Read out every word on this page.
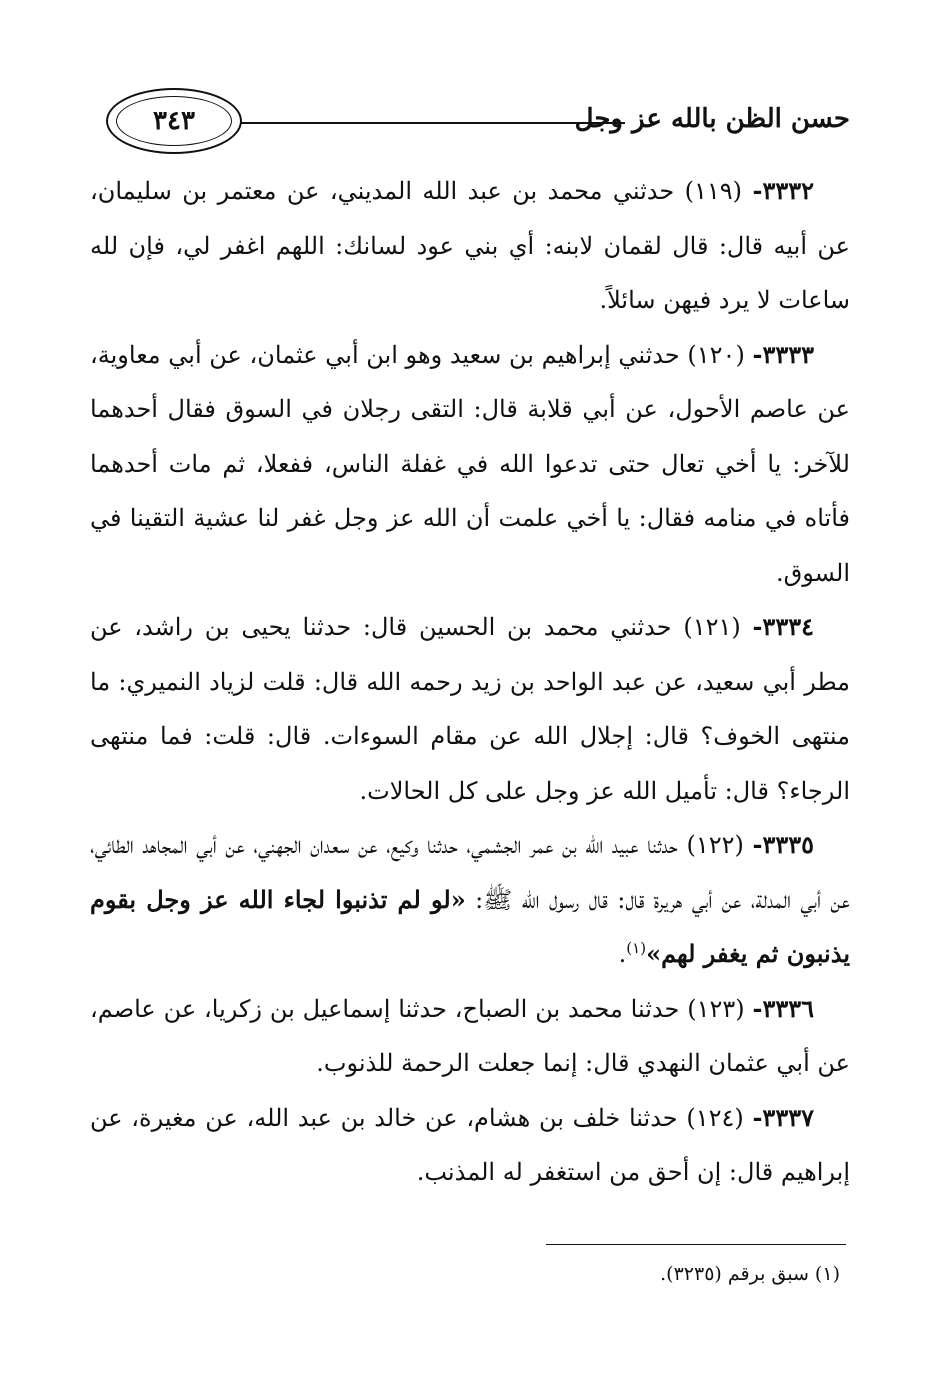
حسن الظن بالله عز وجل
٣٤٣

٣٣٣٢- (١١٩) حدثني محمد بن عبد الله المديني، عن معتمر بن سليمان، عن أبيه قال: قال لقمان لابنه: أي بني عود لسانك: اللهم اغفر لي، فإن لله ساعات لا يرد فيهن سائلاً.

٣٣٣٣- (١٢٠) حدثني إبراهيم بن سعيد وهو ابن أبي عثمان، عن أبي معاوية، عن عاصم الأحول، عن أبي قلابة قال: التقى رجلان في السوق فقال أحدهما للآخر: يا أخي تعال حتى تدعوا الله في غفلة الناس، ففعلا، ثم مات أحدهما فأتاه في منامه فقال: يا أخي علمت أن الله عز وجل غفر لنا عشية التقينا في السوق.

٣٣٣٤- (١٢١) حدثني محمد بن الحسين قال: حدثنا يحيى بن راشد، عن مطر أبي سعيد، عن عبد الواحد بن زيد رحمه الله قال: قلت لزياد النميري: ما منتهى الخوف؟ قال: إجلال الله عن مقام السوءات. قال: قلت: فما منتهى الرجاء؟ قال: تأميل الله عز وجل على كل الحالات.

٣٣٣٥- (١٢٢) حدثنا عبيد الله بن عمر الجشمي، حدثنا وكيع، عن سعدان الجهني، عن أبي المجاهد الطائي، عن أبي المدلة، عن أبي هريرة قال: قال رسول الله ﷺ: «لو لم تذنبوا لجاء الله عز وجل بقوم يذنبون ثم يغفر لهم»$^{(١)}$.

٣٣٣٦- (١٢٣) حدثنا محمد بن الصباح، حدثنا إسماعيل بن زكريا، عن عاصم، عن أبي عثمان النهدي قال: إنما جعلت الرحمة للذنوب.

٣٣٣٧- (١٢٤) حدثنا خلف بن هشام، عن خالد بن عبد الله، عن مغيرة، عن إبراهيم قال: إن أحق من استغفر له المذنب.

(١) سبق برقم (٣٢٣٥).
